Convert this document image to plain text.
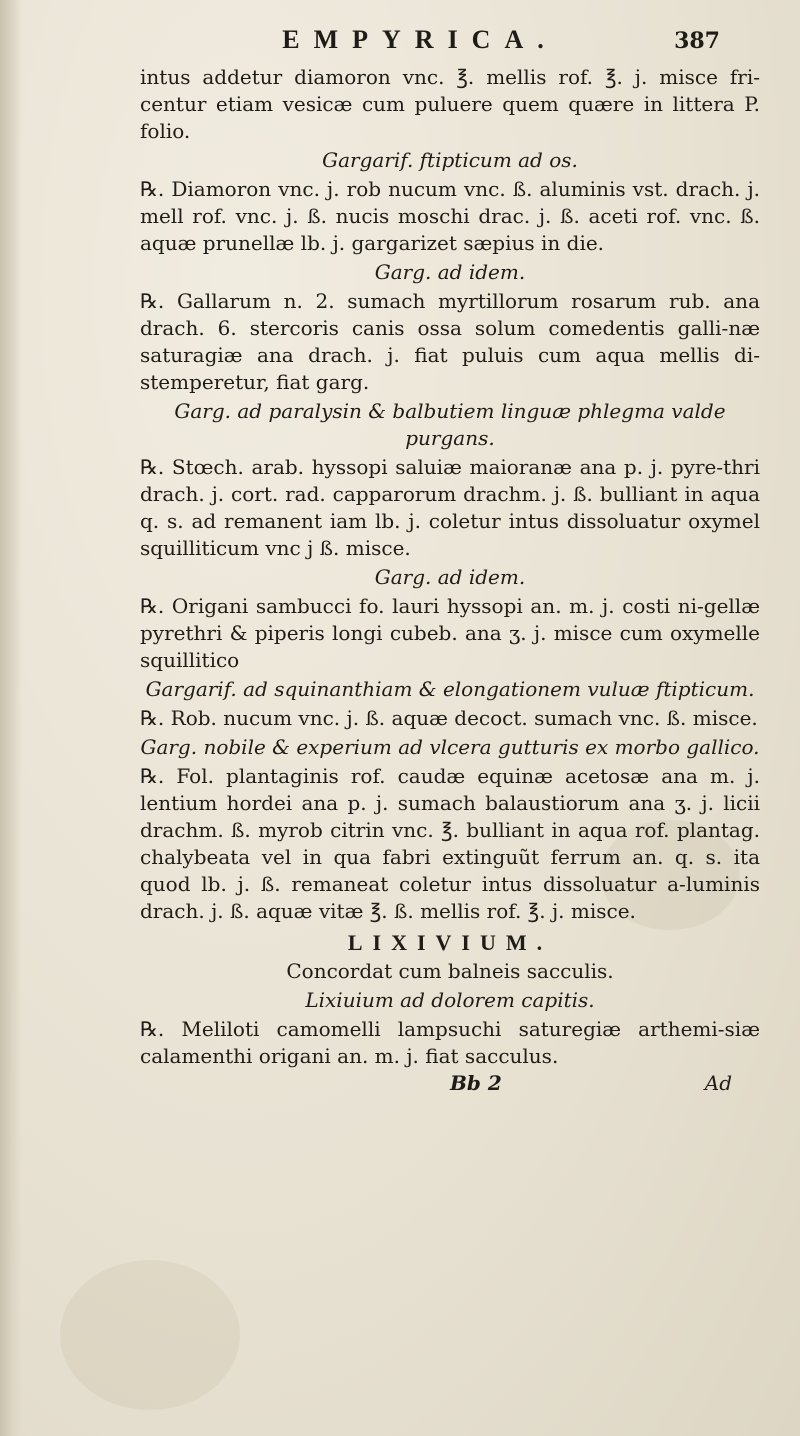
EMPYRICA.	387

intus addetur diamoron vnc. ℥. mellis rof. ℥. j. misce fri-centur etiam vesicæ cum puluere quem quære in littera P. folio.

Gargarif. ftipticum ad os.

℞. Diamoron vnc. j. rob nucum vnc. ß. aluminis vst. drach. j. mell rof. vnc. j. ß. nucis moschi drac. j. ß. aceti rof. vnc. ß. aquæ prunellæ lb. j. gargarizet sæpius in die.

Garg. ad idem.

℞. Gallarum n. 2. sumach myrtillorum rosarum rub. ana drach. 6. stercoris canis ossa solum comedentis galli-næ saturagiæ ana drach. j. fiat puluis cum aqua mellis di-stemperetur, fiat garg.

Garg. ad paralysin & balbutiem linguæ phlegma valde purgans.

℞. Stœch. arab. hyssopi saluiæ maioranæ ana p. j. pyre-thri drach. j. cort. rad. capparorum drachm. j. ß. bulliant in aqua q. s. ad remanent iam lb. j. coletur intus dissoluatur oxymel squilliticum vnc j ß. misce.

Garg. ad idem.

℞. Origani sambucci fo. lauri hyssopi an. m. j. costi ni-gellæ pyrethri & piperis longi cubeb. ana ʒ. j. misce cum oxymelle squillitico

Gargarif. ad squinanthiam & elongationem vuluæ ftipticum.

℞. Rob. nucum vnc. j. ß. aquæ decoct. sumach vnc. ß. misce.

Garg. nobile & experium ad vlcera gutturis ex morbo gallico.

℞. Fol. plantaginis rof. caudæ equinæ acetosæ ana m. j. lentium hordei ana p. j. sumach balaustiorum ana ʒ. j. licii drachm. ß. myrob citrin vnc. ℥. bulliant in aqua rof. plantag. chalybeata vel in qua fabri extinguũt ferrum an. q. s. ita quod lb. j. ß. remaneat coletur intus dissoluatur a-luminis drach. j. ß. aquæ vitæ ℥. ß. mellis rof. ℥. j. misce.

LIXIVIUM.

Concordat cum balneis sacculis.

Lixiuium ad dolorem capitis.

℞. Meliloti camomelli lampsuchi saturegiæ arthemi-siæ calamenthi origani an. m. j. fiat sacculus.

Bb 2	Ad
